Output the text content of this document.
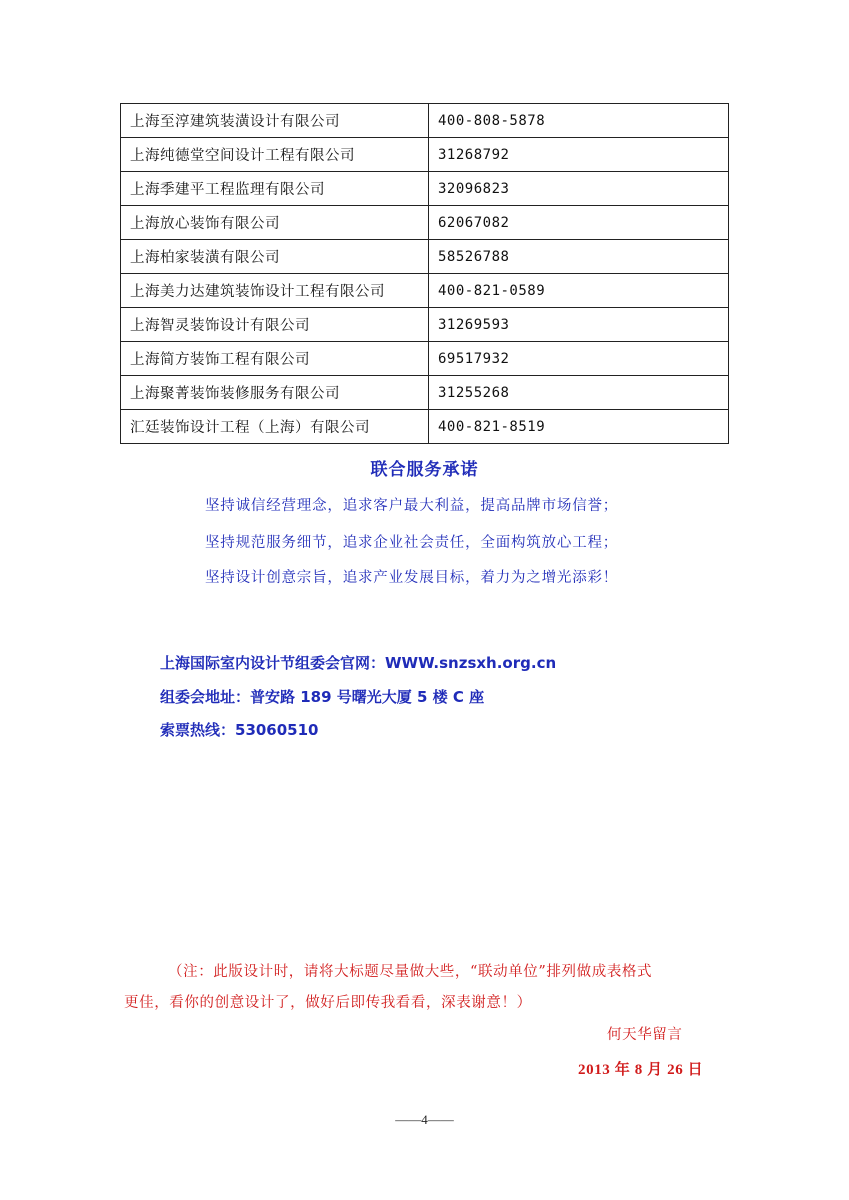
上海至淳建筑装潢设计有限公司	400-808-5878
上海纯德堂空间设计工程有限公司	31268792
上海季建平工程监理有限公司	32096823
上海放心装饰有限公司	62067082
上海柏家装潢有限公司	58526788
上海美力达建筑装饰设计工程有限公司	400-821-0589
上海智灵装饰设计有限公司	31269593
上海简方装饰工程有限公司	69517932
上海聚菁装饰装修服务有限公司	31255268
汇廷装饰设计工程（上海）有限公司	400-821-8519
联合服务承诺
坚持诚信经营理念，追求客户最大利益，提高品牌市场信誉；
坚持规范服务细节，追求企业社会责任，全面构筑放心工程；
坚持设计创意宗旨，追求产业发展目标，着力为之增光添彩！
上海国际室内设计节组委会官网：WWW.snzsxh.org.cn
组委会地址：普安路 189 号曙光大厦 5 楼 C 座
索票热线：53060510
（注：此版设计时，请将大标题尽量做大些，“联动单位”排列做成表格式
更佳，看你的创意设计了，做好后即传我看看，深表谢意！）
何天华留言
2013 年 8 月 26 日
——4——
